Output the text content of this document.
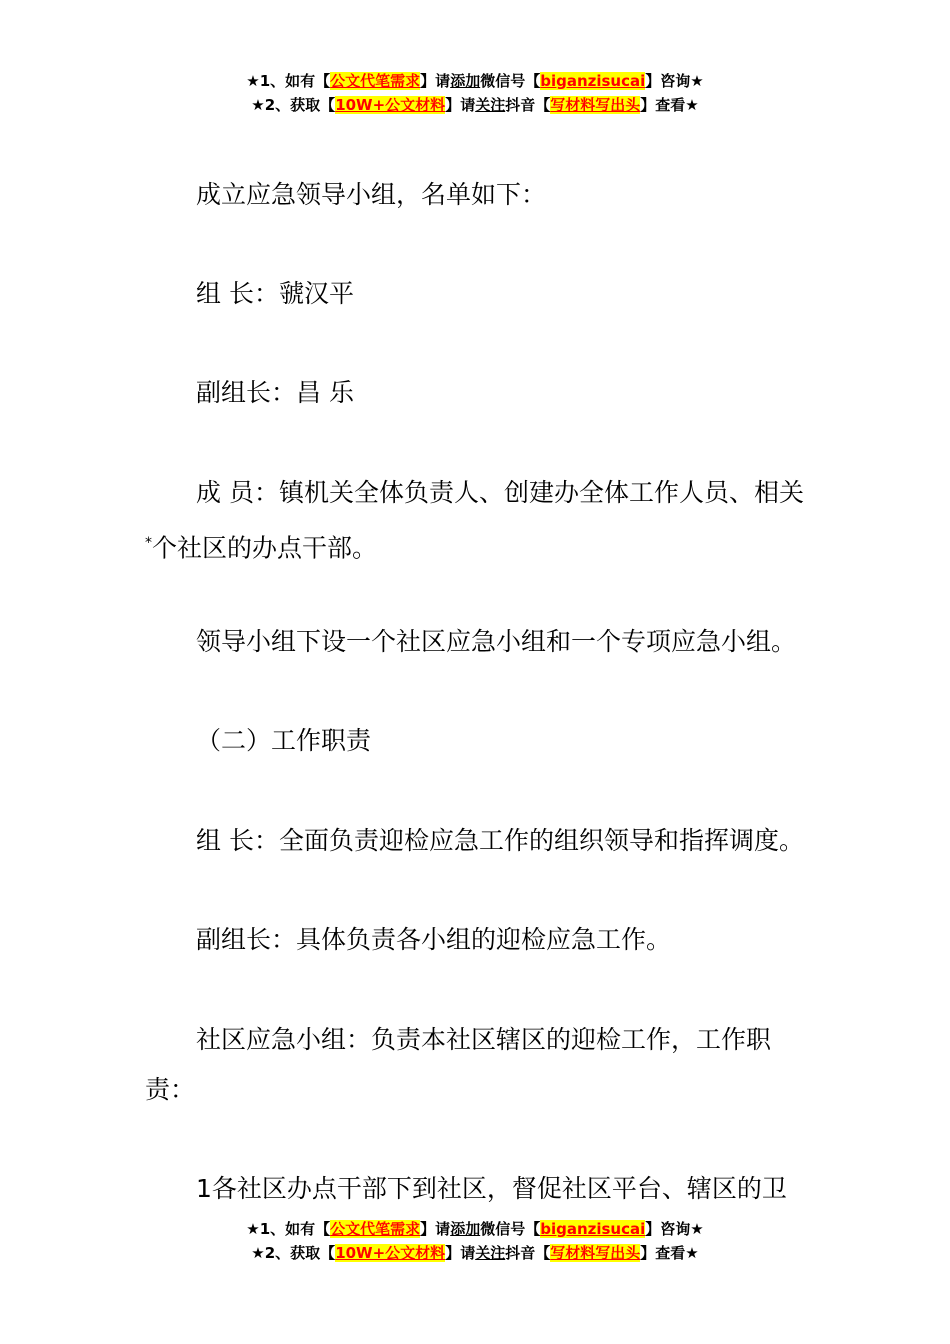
★1、如有【公文代笔需求】请添加微信号【biganzisucai】咨询★
★2、获取【10W+公文材料】请关注抖音【写材料写出头】查看★
成立应急领导小组，名单如下：
组 长：虢汉平
副组长：昌 乐
成 员：镇机关全体负责人、创建办全体工作人员、相关*个社区的办点干部。
领导小组下设一个社区应急小组和一个专项应急小组。
（二）工作职责
组 长：全面负责迎检应急工作的组织领导和指挥调度。
副组长：具体负责各小组的迎检应急工作。
社区应急小组：负责本社区辖区的迎检工作，工作职责：
1各社区办点干部下到社区，督促社区平台、辖区的卫
★1、如有【公文代笔需求】请添加微信号【biganzisucai】咨询★
★2、获取【10W+公文材料】请关注抖音【写材料写出头】查看★
